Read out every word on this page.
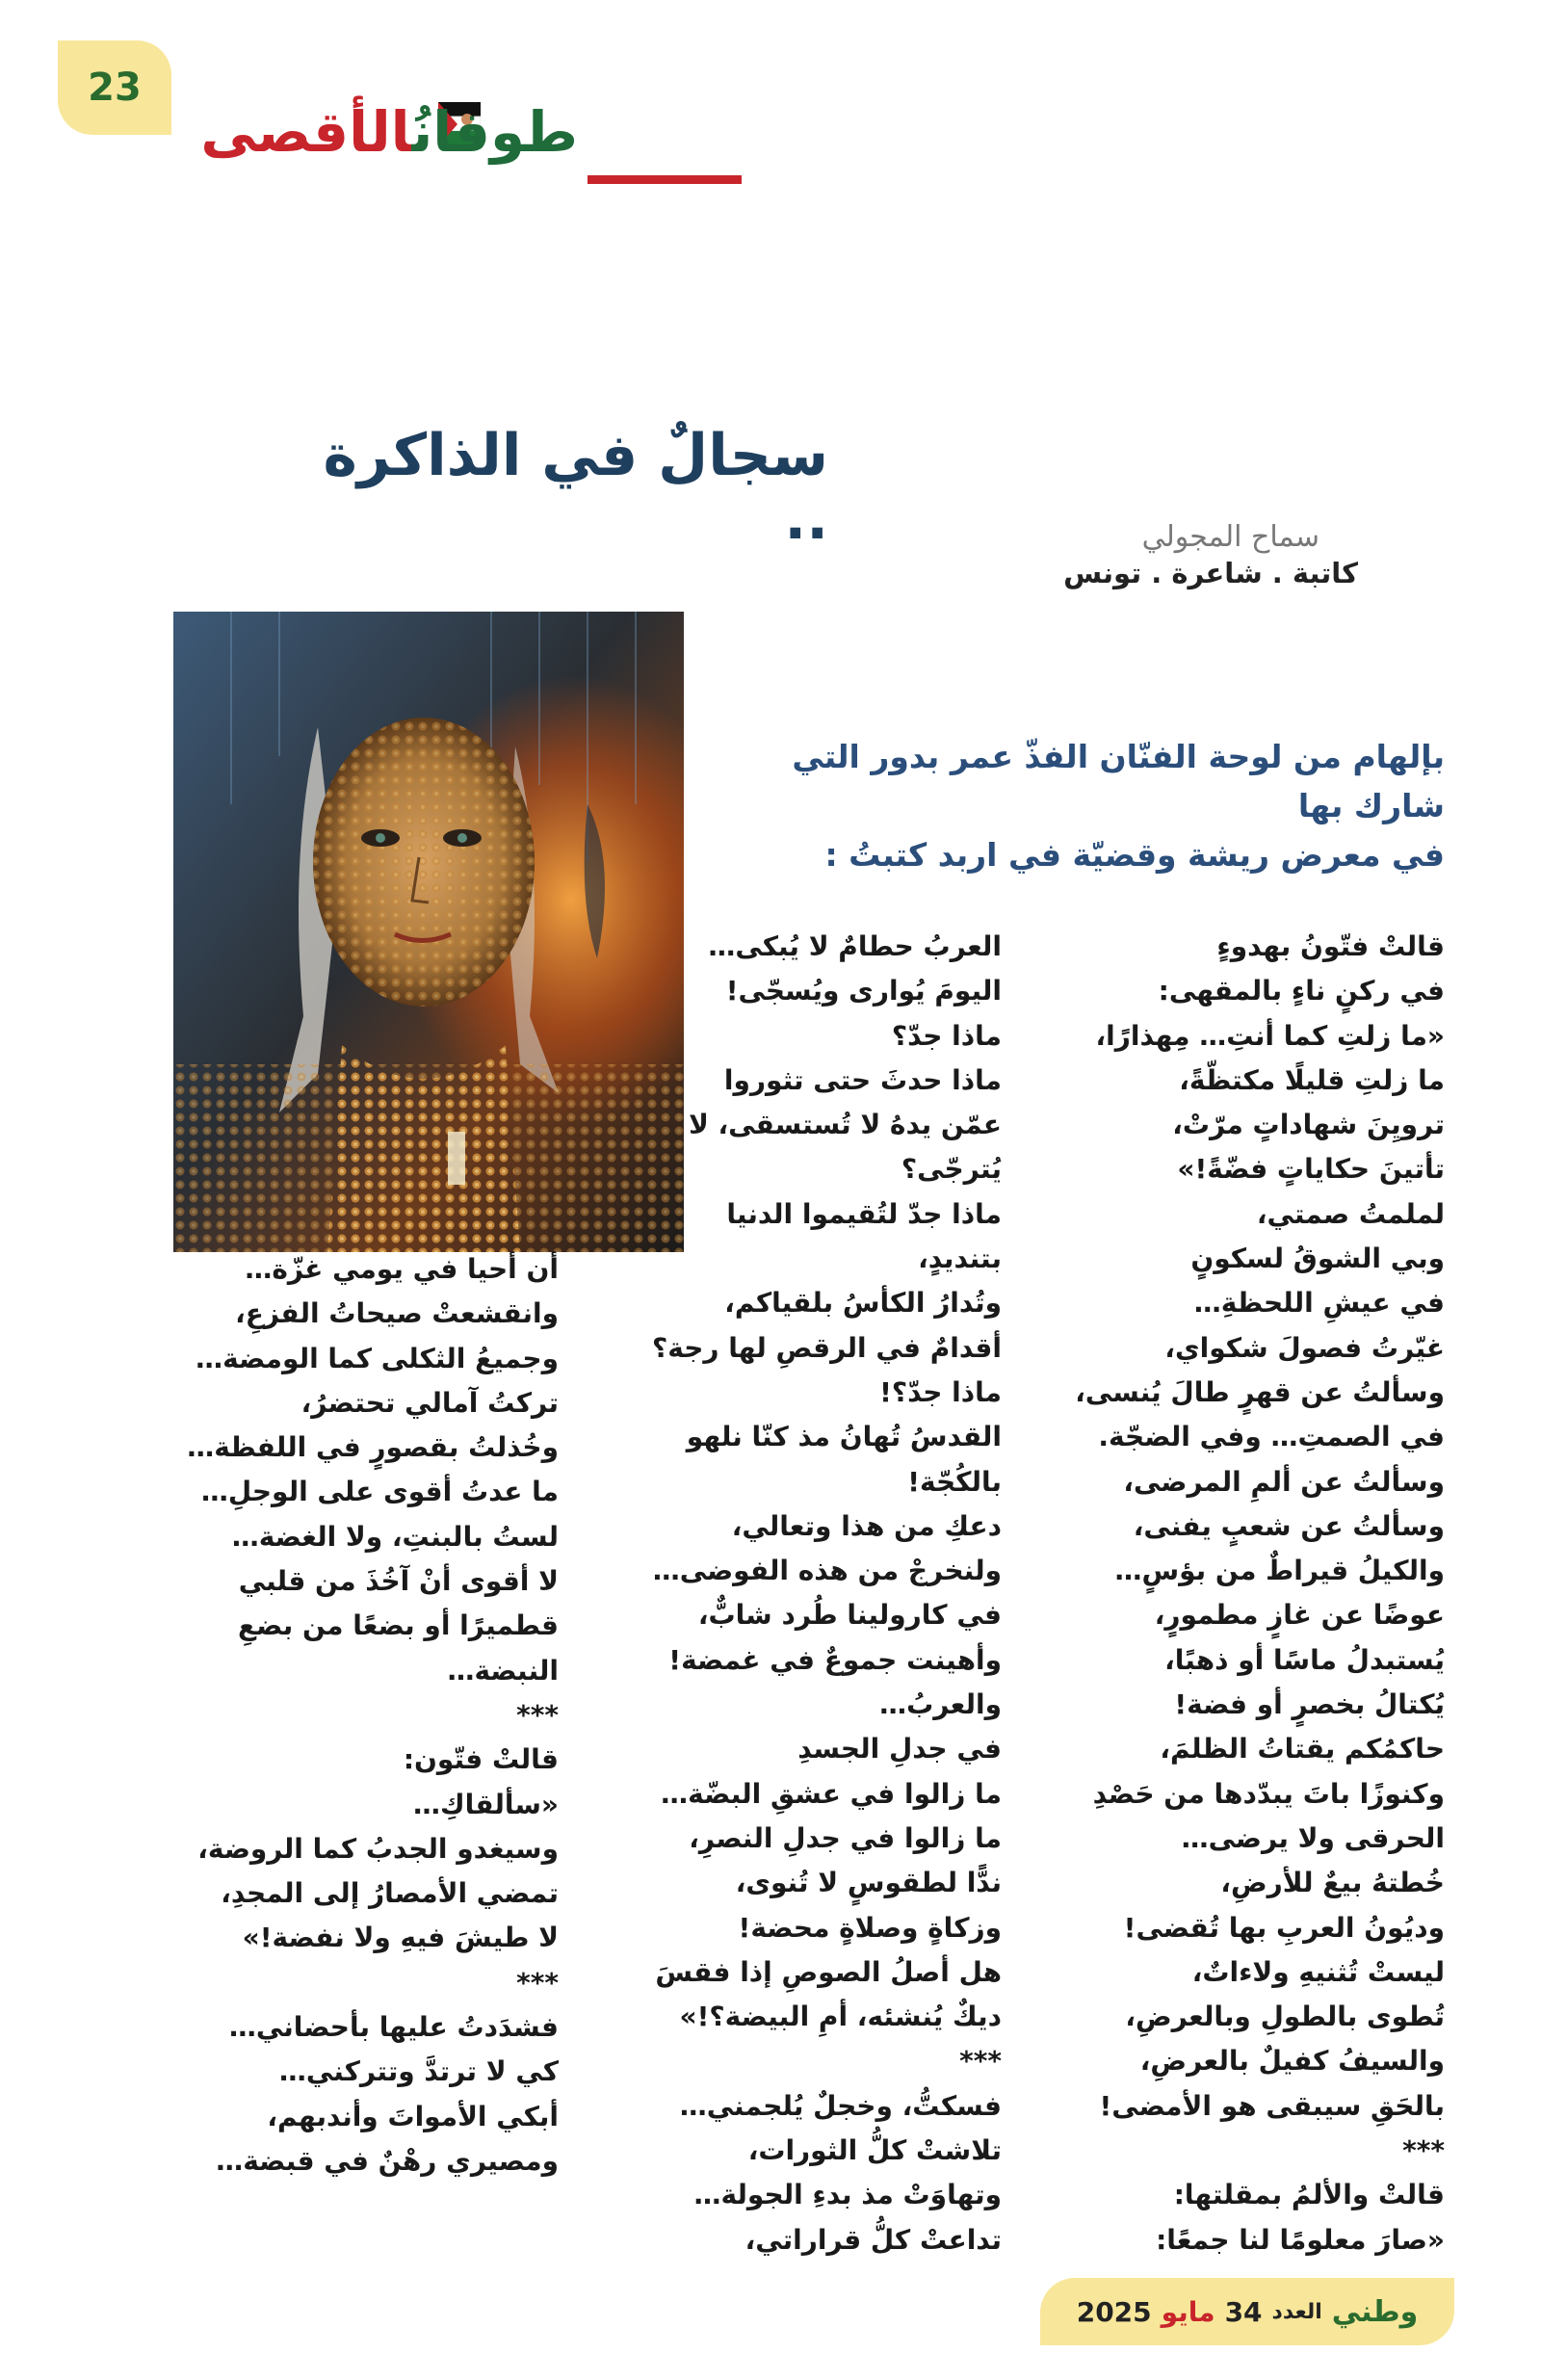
23
طوفانُالأقصى
سجالٌ في الذاكرة ..	سماح المجولي
كاتبة . شاعرة . تونس
بإلهام من لوحة الفنّان الفذّ عمر بدور التي شارك بها
في معرض ريشة وقضيّة في اربد كتبتُ :
قالتْ فتّونُ بهدوءٍ
في ركنٍ ناءٍ بالمقهى:
«ما زلتِ كما أنتِ… مِهذارًا،
ما زلتِ قليلًا مكتظّةً،
ترويِنَ شهاداتٍ مرّتْ،
تأتينَ حكاياتٍ فضّةً!»
لملمتُ صمتي،
وبي الشوقُ لسكونٍ
في عيشِ اللحظةِ…
غيّرتُ فصولَ شكواي،
وسألتُ عن قهرٍ طالَ يُنسى،
في الصمتِ… وفي الضجّة.
وسألتُ عن ألمِ المرضى،
وسألتُ عن شعبٍ يفنى،
والكيلُ قيراطٌ من بؤسٍ…
عوضًا عن غازٍ مطمورٍ،
يُستبدلُ ماسًا أو ذهبًا،
يُكتالُ بخصرٍ أو فضة!
حاكمُكم يقتاتُ الظلمَ،
وكنوزًا باتَ يبدّدها من حَصْدِ
الحرقى ولا يرضى…
خُطتهُ بيعٌ للأرضِ،
وديُونُ العربِ بها تُقضى!
ليستْ تُثنيهِ ولاءاتٌ،
تُطوى بالطولِ وبالعرضِ،
والسيفُ كفيلٌ بالعرضِ،
بالحَقِ سيبقى هو الأمضى!
***
قالتْ والألمُ بمقلتها:
«صارَ معلومًا لنا جمعًا:
العربُ حطامٌ لا يُبكى…
اليومَ يُوارى ويُسجّى!
ماذا جدّ؟
ماذا حدثَ حتى تثوروا
عمّن يدهُ لا تُستسقى، لا
يُترجّى؟
ماذا جدّ لتُقيموا الدنيا
بتنديدٍ،
وتُدارُ الكأسُ بلقياكم،
أقدامٌ في الرقصِ لها رجة؟
ماذا جدّ؟!
القدسُ تُهانُ مذ كنّا نلهو
بالكُجّة!
دعكِ من هذا وتعالي،
ولنخرجْ من هذه الفوضى…
في كارولينا طُرد شابٌّ،
وأهينت جموعٌ في غمضة!
والعربُ…
في جدلِ الجسدِ
ما زالوا في عشقِ البضّة…
ما زالوا في جدلِ النصرِ،
ندًّا لطقوسٍ لا تُنوى،
وزكاةٍ وصلاةٍ محضة!
هل أصلُ الصوصِ إذا فقسَ
ديكٌ يُنشئه، أمِ البيضة؟!»
***
فسكتُّ، وخجلٌ يُلجمني…
تلاشتْ كلُّ الثورات،
وتهاوَتْ مذ بدءِ الجولة…
تداعتْ كلُّ قراراتي،
أن أحيا في يومي غزّة…
وانقشعتْ صيحاتُ الفزعِ،
وجميعُ الثكلى كما الومضة…
تركتُ آمالي تحتضرُ،
وخُذلتُ بقصورٍ في اللفظة…
ما عدتُ أقوى على الوجلِ…
لستُ بالبنتِ، ولا الغضة…
لا أقوى أنْ آخُذَ من قلبي
قطميرًا أو بضعًا من بضعِ
النبضة…
***
قالتْ فتّون:
«سألقاكِ…
وسيغدو الجدبُ كما الروضة،
تمضي الأمصارُ إلى المجدِ،
لا طيشَ فيهِ ولا نفضة!»
***
فشدَدتُ عليها بأحضاني…
كي لا ترتدَّ وتتركني…
أبكي الأمواتَ وأندبهم،
ومصيري رهْنٌ في قبضة…
وطني
العدد
34
مايو
2025
